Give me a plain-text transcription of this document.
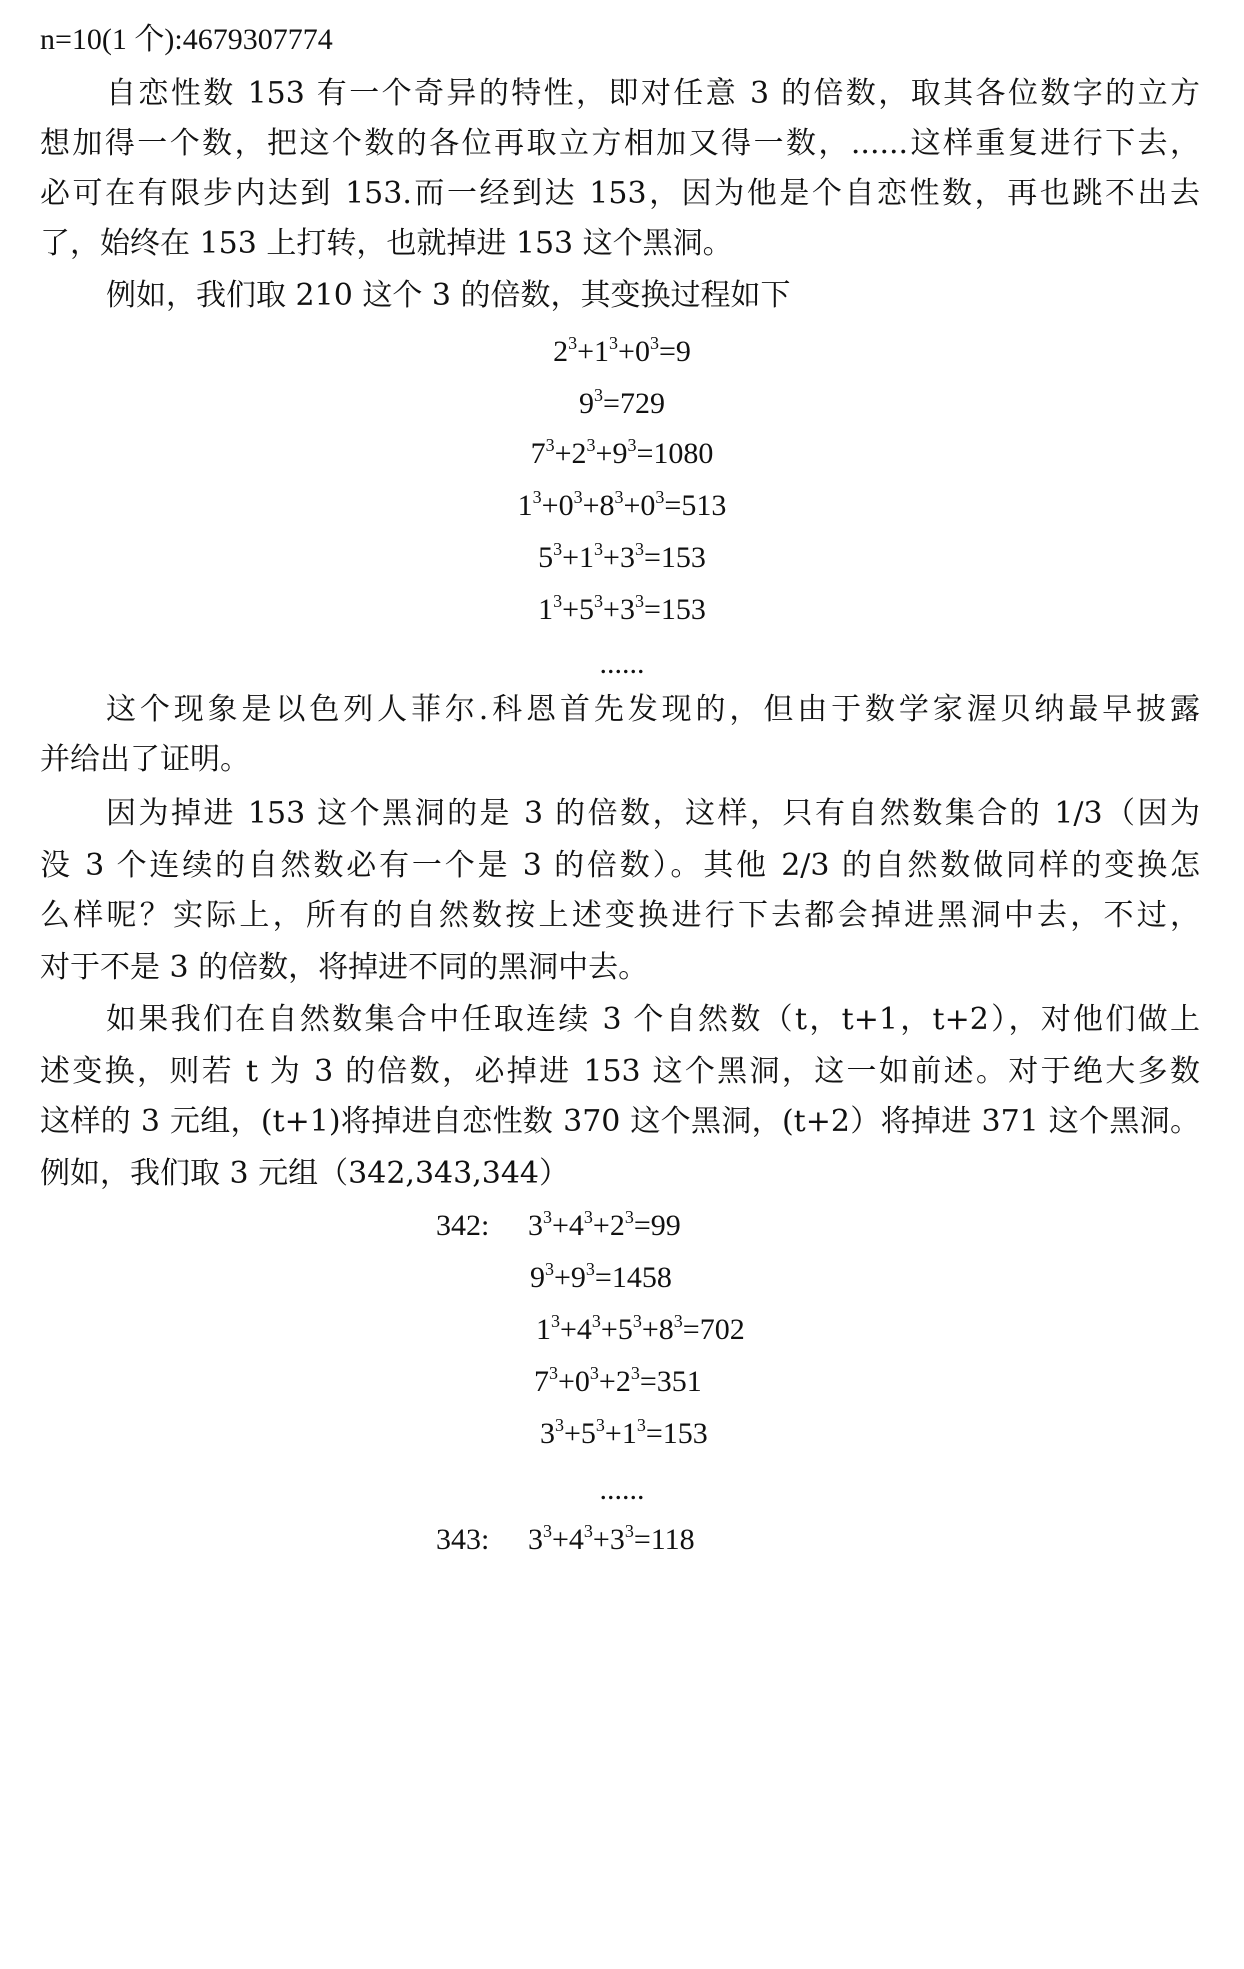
n=10(1 个):4679307774
自恋性数 153 有一个奇异的特性，即对任意 3 的倍数，取其各位数字的立方
想加得一个数，把这个数的各位再取立方相加又得一数，......这样重复进行下去，
必可在有限步内达到 153.而一经到达 153，因为他是个自恋性数，再也跳不出去
了，始终在 153 上打转，也就掉进 153 这个黑洞。
例如，我们取 210 这个 3 的倍数，其变换过程如下
$2^3+1^3+0^3=9$
$9^3=729$
$7^3+2^3+9^3=1080$
$1^3+0^3+8^3+0^3=513$
$5^3+1^3+3^3=153$
$1^3+5^3+3^3=153$
......
这个现象是以色列人菲尔.科恩首先发现的，但由于数学家渥贝纳最早披露
并给出了证明。
因为掉进 153 这个黑洞的是 3 的倍数，这样，只有自然数集合的 1/3（因为
没 3 个连续的自然数必有一个是 3 的倍数）。其他 2/3 的自然数做同样的变换怎
么样呢？实际上，所有的自然数按上述变换进行下去都会掉进黑洞中去，不过，
对于不是 3 的倍数，将掉进不同的黑洞中去。
如果我们在自然数集合中任取连续 3 个自然数（t，t+1，t+2），对他们做上
述变换，则若 t 为 3 的倍数，必掉进 153 这个黑洞，这一如前述。对于绝大多数
这样的 3 元组，(t+1)将掉进自恋性数 370 这个黑洞，(t+2）将掉进 371 这个黑洞。
例如，我们取 3 元组（342,343,344）
342: $3^3+4^3+2^3=99$
$9^3+9^3=1458$
$1^3+4^3+5^3+8^3=702$
$7^3+0^3+2^3=351$
$3^3+5^3+1^3=153$
......
343: $3^3+4^3+3^3=118$
